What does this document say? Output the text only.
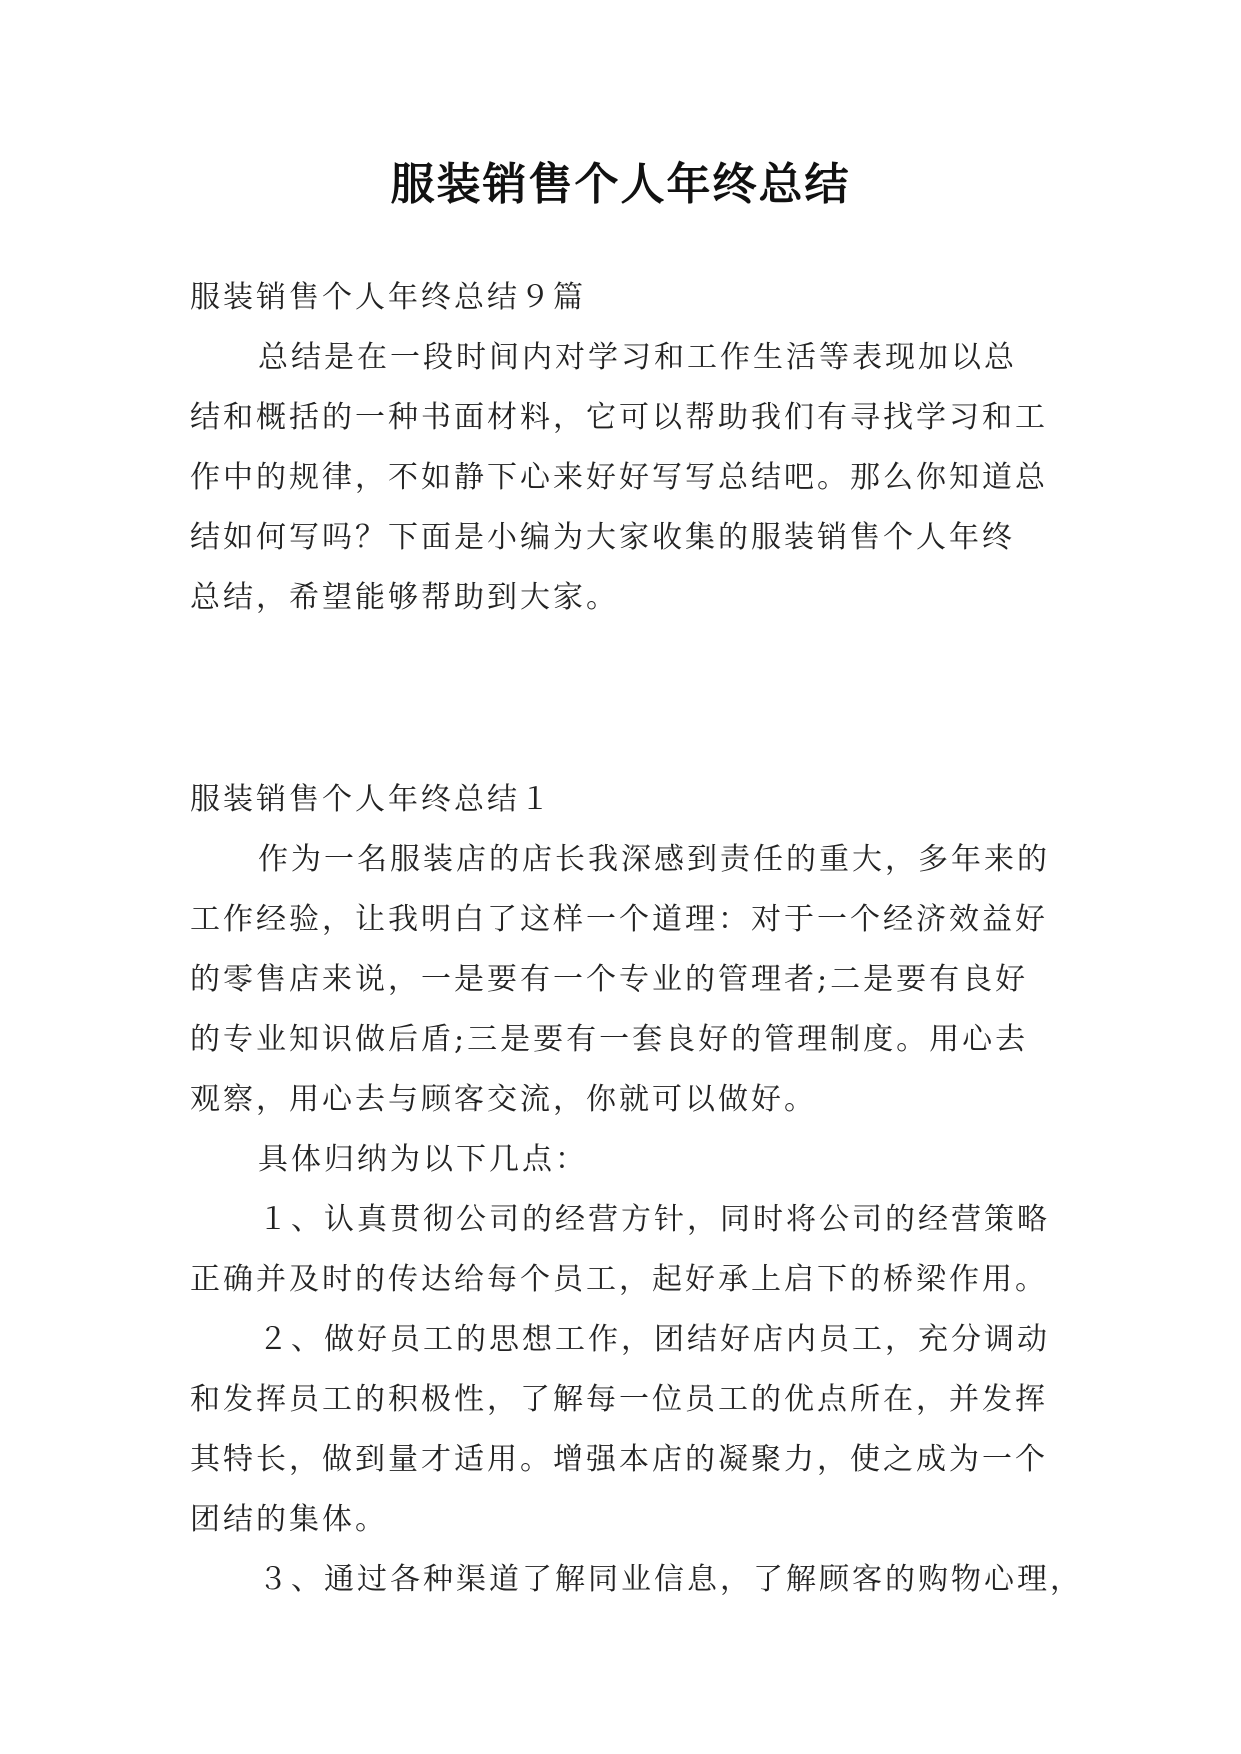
服装销售个人年终总结
服装销售个人年终总结９篇
总结是在一段时间内对学习和工作生活等表现加以总
结和概括的一种书面材料，它可以帮助我们有寻找学习和工
作中的规律，不如静下心来好好写写总结吧。那么你知道总
结如何写吗？下面是小编为大家收集的服装销售个人年终
总结，希望能够帮助到大家。
服装销售个人年终总结１
作为一名服装店的店长我深感到责任的重大，多年来的
工作经验，让我明白了这样一个道理：对于一个经济效益好
的零售店来说，一是要有一个专业的管理者;二是要有良好
的专业知识做后盾;三是要有一套良好的管理制度。用心去
观察，用心去与顾客交流，你就可以做好。
具体归纳为以下几点：
１、认真贯彻公司的经营方针，同时将公司的经营策略
正确并及时的传达给每个员工，起好承上启下的桥梁作用。
２、做好员工的思想工作，团结好店内员工，充分调动
和发挥员工的积极性，了解每一位员工的优点所在，并发挥
其特长，做到量才适用。增强本店的凝聚力，使之成为一个
团结的集体。
３、通过各种渠道了解同业信息，了解顾客的购物心理，
